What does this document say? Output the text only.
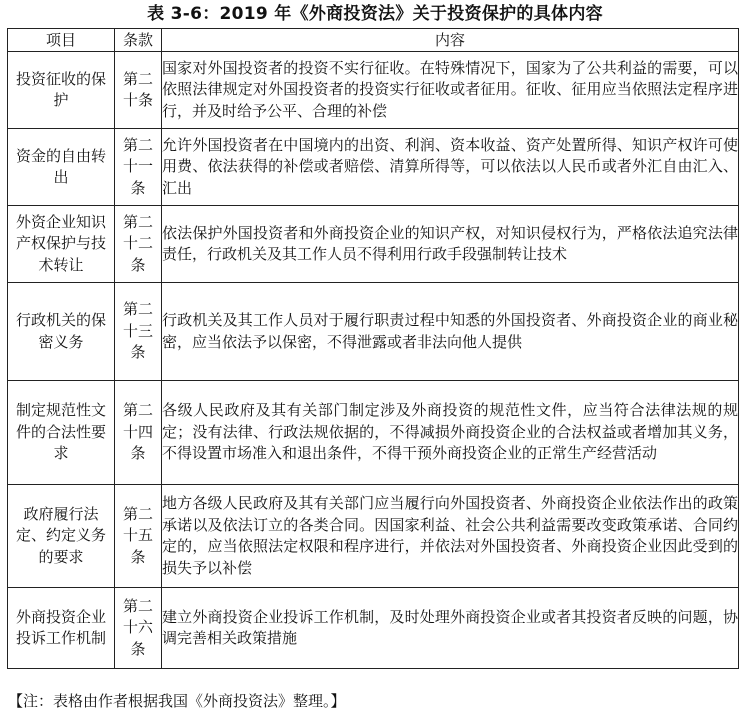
表 3-6：2019 年《外商投资法》关于投资保护的具体内容
项目	条款	内容
投资征收的保护	第二十条	国家对外国投资者的投资不实行征收。在特殊情况下，国家为了公共利益的需要，可以依照法律规定对外国投资者的投资实行征收或者征用。征收、征用应当依照法定程序进行，并及时给予公平、合理的补偿
资金的自由转出	第二十一条	允许外国投资者在中国境内的出资、利润、资本收益、资产处置所得、知识产权许可使用费、依法获得的补偿或者赔偿、清算所得等，可以依法以人民币或者外汇自由汇入、汇出
外资企业知识产权保护与技术转让	第二十二条	依法保护外国投资者和外商投资企业的知识产权，对知识侵权行为，严格依法追究法律责任，行政机关及其工作人员不得利用行政手段强制转让技术
行政机关的保密义务	第二十三条	行政机关及其工作人员对于履行职责过程中知悉的外国投资者、外商投资企业的商业秘密，应当依法予以保密，不得泄露或者非法向他人提供
制定规范性文件的合法性要求	第二十四条	各级人民政府及其有关部门制定涉及外商投资的规范性文件，应当符合法律法规的规定；没有法律、行政法规依据的，不得减损外商投资企业的合法权益或者增加其义务，不得设置市场准入和退出条件，不得干预外商投资企业的正常生产经营活动
政府履行法定、约定义务的要求	第二十五条	地方各级人民政府及其有关部门应当履行向外国投资者、外商投资企业依法作出的政策承诺以及依法订立的各类合同。因国家利益、社会公共利益需要改变政策承诺、合同约定的，应当依照法定权限和程序进行，并依法对外国投资者、外商投资企业因此受到的损失予以补偿
外商投资企业投诉工作机制	第二十六条	建立外商投资企业投诉工作机制，及时处理外商投资企业或者其投资者反映的问题，协调完善相关政策措施
【注：表格由作者根据我国《外商投资法》整理。】
